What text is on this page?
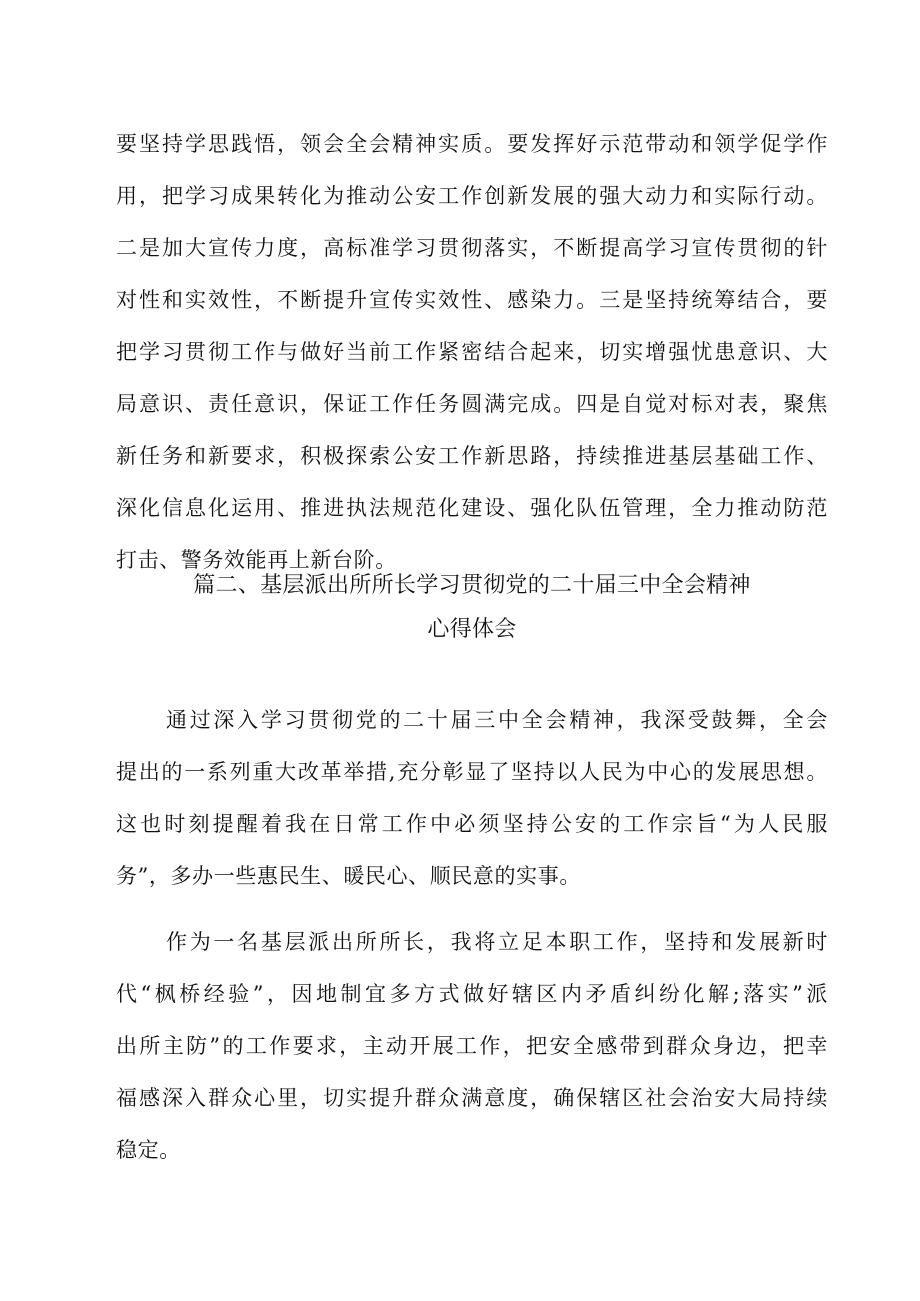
要坚持学思践悟，领会全会精神实质。要发挥好示范带动和领学促学作
用，把学习成果转化为推动公安工作创新发展的强大动力和实际行动。
二是加大宣传力度，高标准学习贯彻落实，不断提高学习宣传贯彻的针
对性和实效性，不断提升宣传实效性、感染力。三是坚持统筹结合，要
把学习贯彻工作与做好当前工作紧密结合起来，切实增强忧患意识、大
局意识、责任意识，保证工作任务圆满完成。四是自觉对标对表，聚焦
新任务和新要求，积极探索公安工作新思路，持续推进基层基础工作、
深化信息化运用、推进执法规范化建设、强化队伍管理，全力推动防范
打击、警务效能再上新台阶。
篇二、基层派出所所长学习贯彻党的二十届三中全会精神
心得体会
通过深入学习贯彻党的二十届三中全会精神，我深受鼓舞，全会
提出的一系列重大改革举措,充分彰显了坚持以人民为中心的发展思想。
这也时刻提醒着我在日常工作中必须坚持公安的工作宗旨“为人民服
务”，多办一些惠民生、暖民心、顺民意的实事。
作为一名基层派出所所长，我将立足本职工作，坚持和发展新时
代“枫桥经验”，因地制宜多方式做好辖区内矛盾纠纷化解;落实”派
出所主防”的工作要求，主动开展工作，把安全感带到群众身边，把幸
福感深入群众心里，切实提升群众满意度，确保辖区社会治安大局持续
稳定。
